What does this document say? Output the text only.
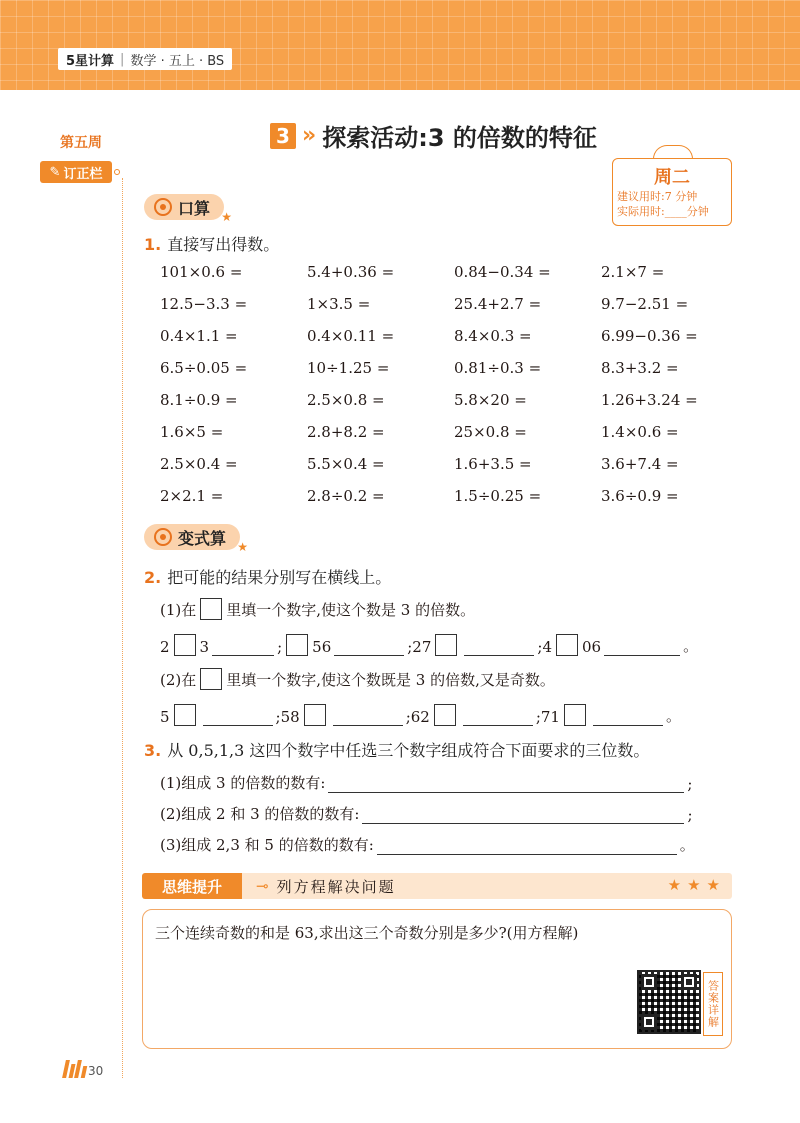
5星计算 | 数学 · 五上 · BS
第五周
✎ 订正栏
3 » 探索活动:3 的倍数的特征
周二
建议用时:7 分钟
实际用时:____分钟
口算 ★
1. 直接写出得数。
101×0.6 =	5.4+0.36 =	0.84−0.34 =	2.1×7 =
12.5−3.3 =	1×3.5 =	25.4+2.7 =	9.7−2.51 =
0.4×1.1 =	0.4×0.11 =	8.4×0.3 =	6.99−0.36 =
6.5÷0.05 =	10÷1.25 =	0.81÷0.3 =	8.3+3.2 =
8.1÷0.9 =	2.5×0.8 =	5.8×20 =	1.26+3.24 =
1.6×5 =	2.8+8.2 =	25×0.8 =	1.4×0.6 =
2.5×0.4 =	5.5×0.4 =	1.6+3.5 =	3.6+7.4 =
2×2.1 =	2.8÷0.2 =	1.5÷0.25 =	3.6÷0.9 =
变式算 ★
2. 把可能的结果分别写在横线上。
(1)在 里填一个数字,使这个数是 3 的倍数。
2 3	; 56	;27	;4 06	。
(2)在 里填一个数字,使这个数既是 3 的倍数,又是奇数。
5	;58	;62	;71	。
3. 从 0,5,1,3 这四个数字中任选三个数字组成符合下面要求的三位数。
(1)组成 3 的倍数的数有:	;
(2)组成 2 和 3 的倍数的数有:	;
(3)组成 2,3 和 5 的倍数的数有:	。
思维提升	⊸ 列方程解决问题	★★★
三个连续奇数的和是 63,求出这三个奇数分别是多少?(用方程解)
答案详解
30
